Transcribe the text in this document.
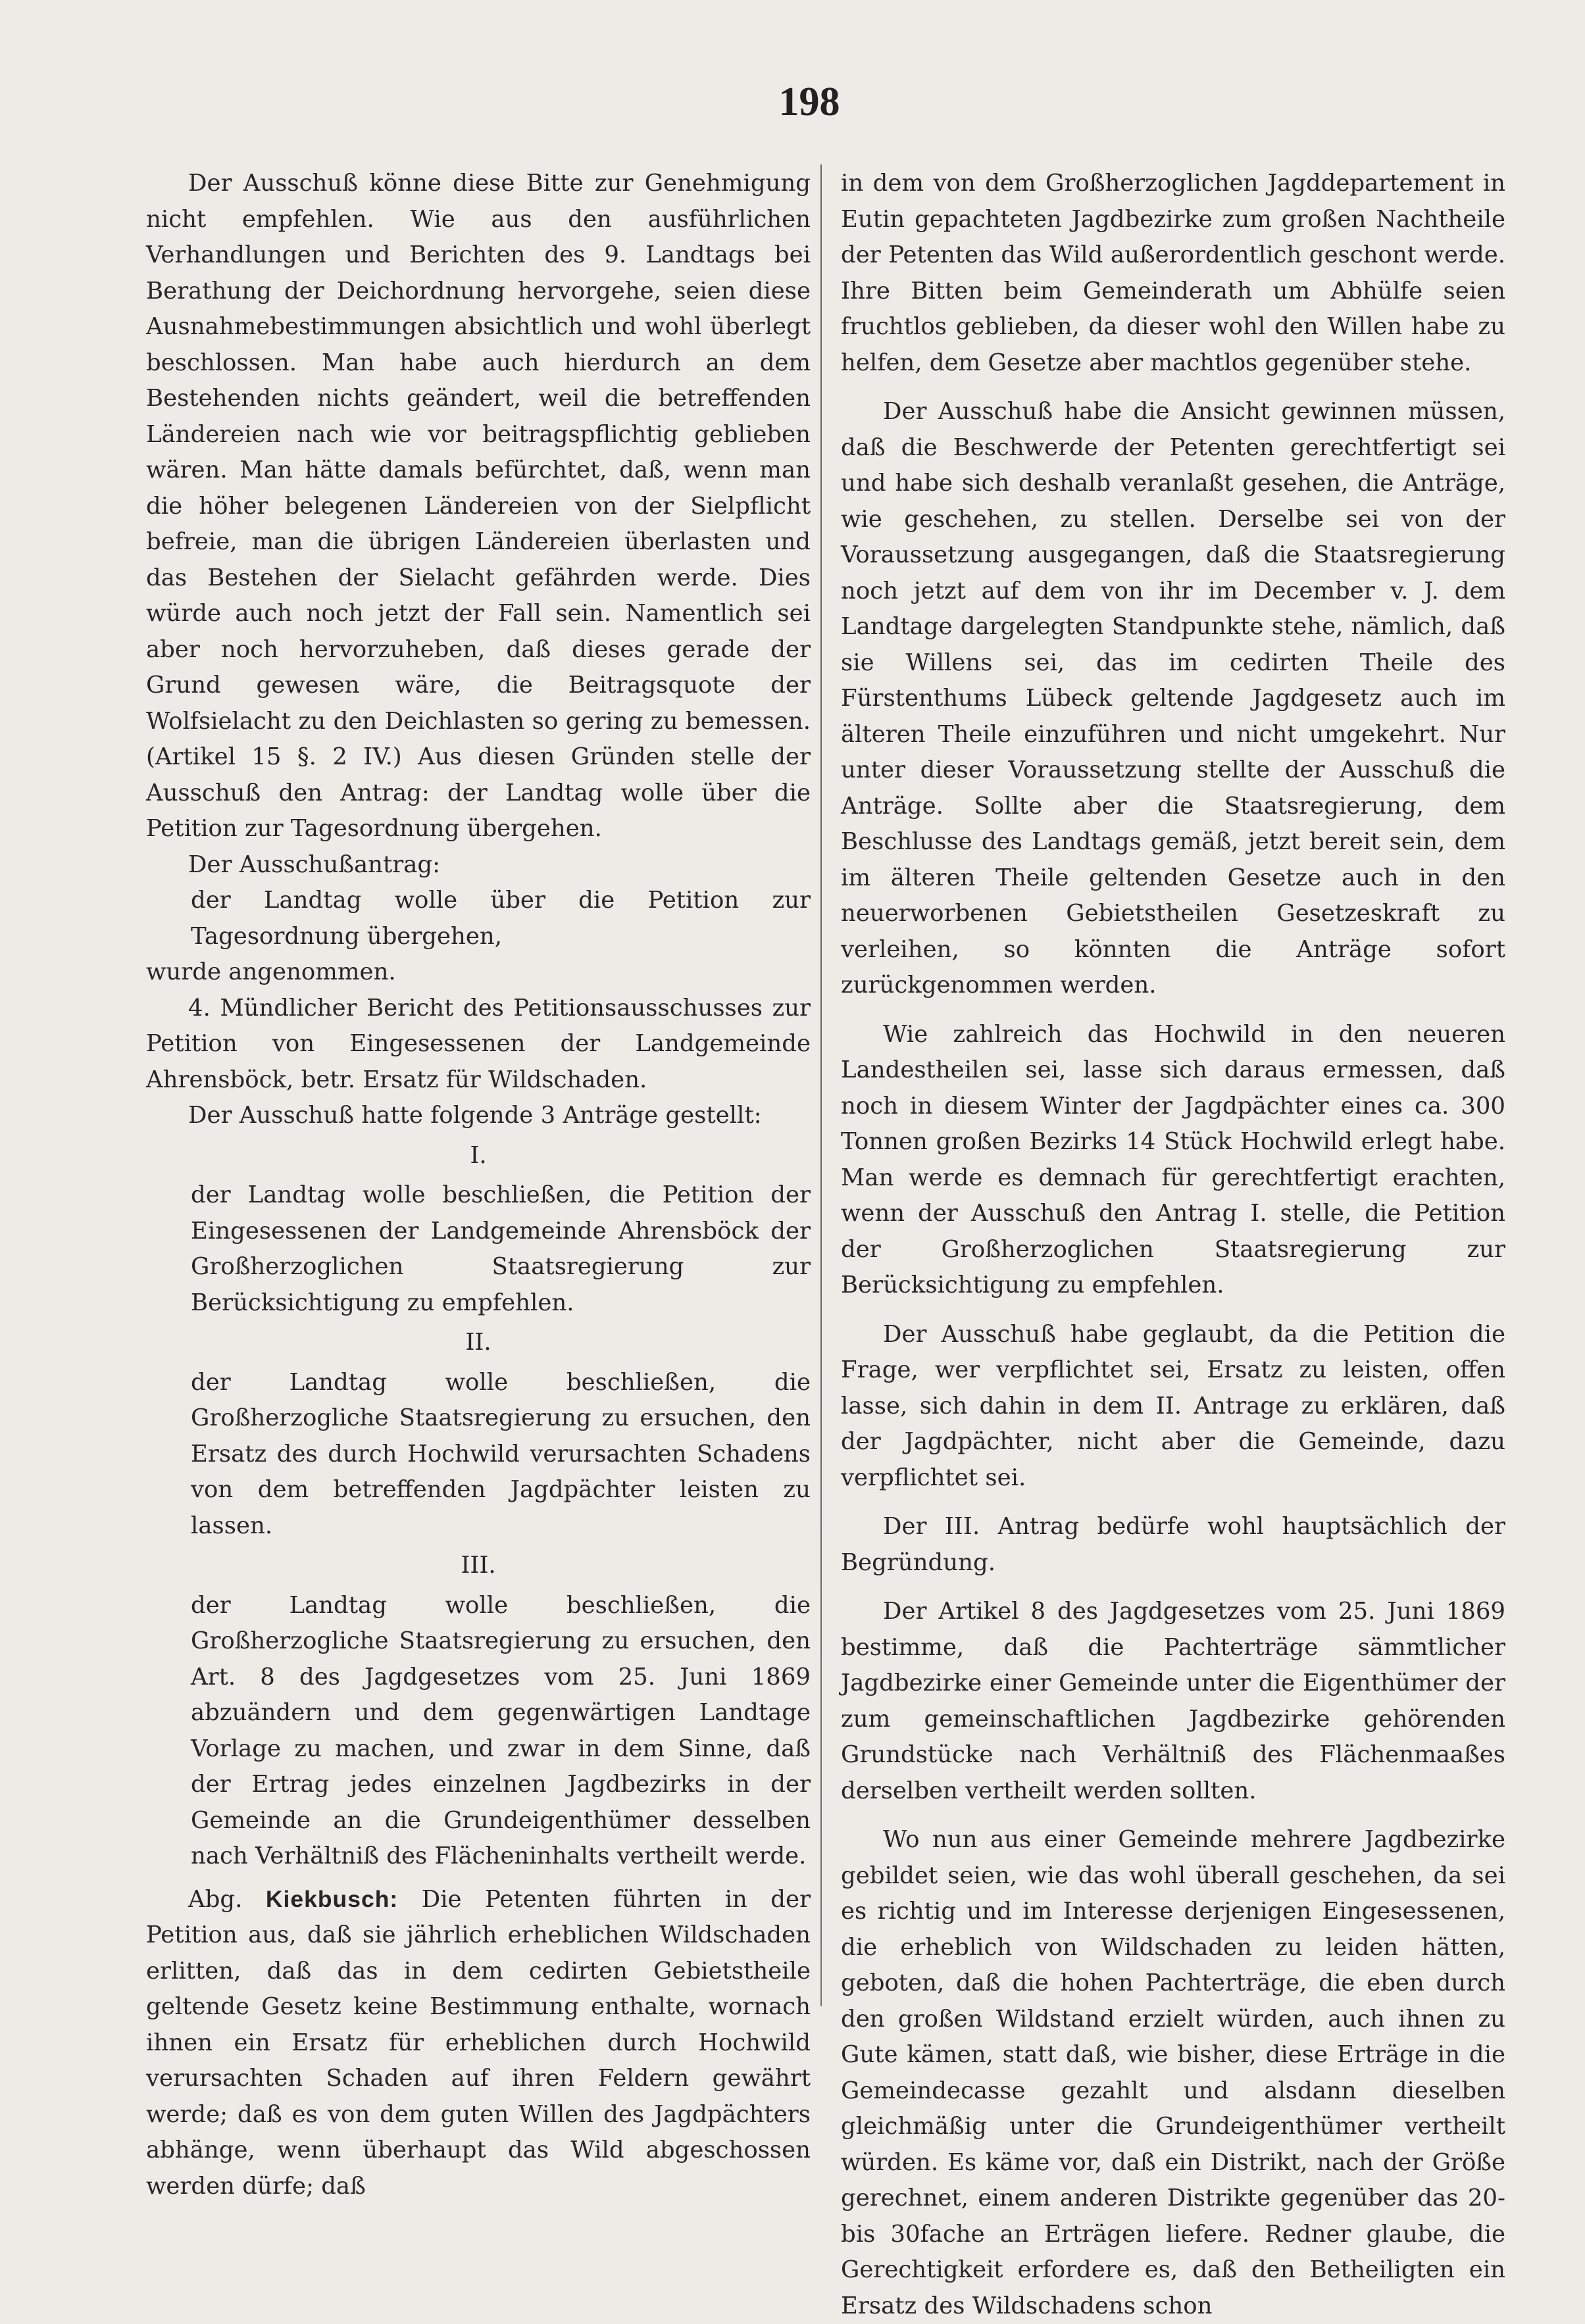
198

Der Ausschuß könne diese Bitte zur Genehmigung nicht empfehlen. Wie aus den ausführlichen Verhandlungen und Berichten des 9. Landtags bei Berathung der Deichordnung hervorgehe, seien diese Ausnahmebestimmungen absichtlich und wohl überlegt beschlossen. Man habe auch hierdurch an dem Bestehenden nichts geändert, weil die betreffenden Ländereien nach wie vor beitragspflichtig geblieben wären. Man hätte damals befürchtet, daß, wenn man die höher belegenen Ländereien von der Sielpflicht befreie, man die übrigen Ländereien überlasten und das Bestehen der Sielacht gefährden werde. Dies würde auch noch jetzt der Fall sein. Namentlich sei aber noch hervorzuheben, daß dieses gerade der Grund gewesen wäre, die Beitragsquote der Wolfsielacht zu den Deichlasten so gering zu bemessen. (Artikel 15 §. 2 IV.) Aus diesen Gründen stelle der Ausschuß den Antrag: der Landtag wolle über die Petition zur Tagesordnung übergehen.

Der Ausschußantrag:

der Landtag wolle über die Petition zur Tagesordnung übergehen,

wurde angenommen.

4. Mündlicher Bericht des Petitionsausschusses zur Petition von Eingesessenen der Landgemeinde Ahrensböck, betr. Ersatz für Wildschaden.

Der Ausschuß hatte folgende 3 Anträge gestellt:

I.

der Landtag wolle beschließen, die Petition der Eingesessenen der Landgemeinde Ahrensböck der Großherzoglichen Staatsregierung zur Berücksichtigung zu empfehlen.

II.

der Landtag wolle beschließen, die Großherzogliche Staatsregierung zu ersuchen, den Ersatz des durch Hochwild verursachten Schadens von dem betreffenden Jagdpächter leisten zu lassen.

III.

der Landtag wolle beschließen, die Großherzogliche Staatsregierung zu ersuchen, den Art. 8 des Jagdgesetzes vom 25. Juni 1869 abzuändern und dem gegenwärtigen Landtage Vorlage zu machen, und zwar in dem Sinne, daß der Ertrag jedes einzelnen Jagdbezirks in der Gemeinde an die Grundeigenthümer desselben nach Verhältniß des Flächeninhalts vertheilt werde.

Abg. Kiekbusch: Die Petenten führten in der Petition aus, daß sie jährlich erheblichen Wildschaden erlitten, daß das in dem cedirten Gebietstheile geltende Gesetz keine Bestimmung enthalte, wornach ihnen ein Ersatz für erheblichen durch Hochwild verursachten Schaden auf ihren Feldern gewährt werde; daß es von dem guten Willen des Jagdpächters abhänge, wenn überhaupt das Wild abgeschossen werden dürfe; daß

in dem von dem Großherzoglichen Jagddepartement in Eutin gepachteten Jagdbezirke zum großen Nachtheile der Petenten das Wild außerordentlich geschont werde. Ihre Bitten beim Gemeinderath um Abhülfe seien fruchtlos geblieben, da dieser wohl den Willen habe zu helfen, dem Gesetze aber machtlos gegenüber stehe.

Der Ausschuß habe die Ansicht gewinnen müssen, daß die Beschwerde der Petenten gerechtfertigt sei und habe sich deshalb veranlaßt gesehen, die Anträge, wie geschehen, zu stellen. Derselbe sei von der Voraussetzung ausgegangen, daß die Staatsregierung noch jetzt auf dem von ihr im December v. J. dem Landtage dargelegten Standpunkte stehe, nämlich, daß sie Willens sei, das im cedirten Theile des Fürstenthums Lübeck geltende Jagdgesetz auch im älteren Theile einzuführen und nicht umgekehrt. Nur unter dieser Voraussetzung stellte der Ausschuß die Anträge. Sollte aber die Staatsregierung, dem Beschlusse des Landtags gemäß, jetzt bereit sein, dem im älteren Theile geltenden Gesetze auch in den neuerworbenen Gebietstheilen Gesetzeskraft zu verleihen, so könnten die Anträge sofort zurückgenommen werden.

Wie zahlreich das Hochwild in den neueren Landestheilen sei, lasse sich daraus ermessen, daß noch in diesem Winter der Jagdpächter eines ca. 300 Tonnen großen Bezirks 14 Stück Hochwild erlegt habe. Man werde es demnach für gerechtfertigt erachten, wenn der Ausschuß den Antrag I. stelle, die Petition der Großherzoglichen Staatsregierung zur Berücksichtigung zu empfehlen.

Der Ausschuß habe geglaubt, da die Petition die Frage, wer verpflichtet sei, Ersatz zu leisten, offen lasse, sich dahin in dem II. Antrage zu erklären, daß der Jagdpächter, nicht aber die Gemeinde, dazu verpflichtet sei.

Der III. Antrag bedürfe wohl hauptsächlich der Begründung.

Der Artikel 8 des Jagdgesetzes vom 25. Juni 1869 bestimme, daß die Pachterträge sämmtlicher Jagdbezirke einer Gemeinde unter die Eigenthümer der zum gemeinschaftlichen Jagdbezirke gehörenden Grundstücke nach Verhältniß des Flächenmaaßes derselben vertheilt werden sollten.

Wo nun aus einer Gemeinde mehrere Jagdbezirke gebildet seien, wie das wohl überall geschehen, da sei es richtig und im Interesse derjenigen Eingesessenen, die erheblich von Wildschaden zu leiden hätten, geboten, daß die hohen Pachterträge, die eben durch den großen Wildstand erzielt würden, auch ihnen zu Gute kämen, statt daß, wie bisher, diese Erträge in die Gemeindecasse gezahlt und alsdann dieselben gleichmäßig unter die Grundeigenthümer vertheilt würden. Es käme vor, daß ein Distrikt, nach der Größe gerechnet, einem anderen Distrikte gegenüber das 20- bis 30fache an Erträgen liefere. Redner glaube, die Gerechtigkeit erfordere es, daß den Betheiligten ein Ersatz des Wildschadens schon
